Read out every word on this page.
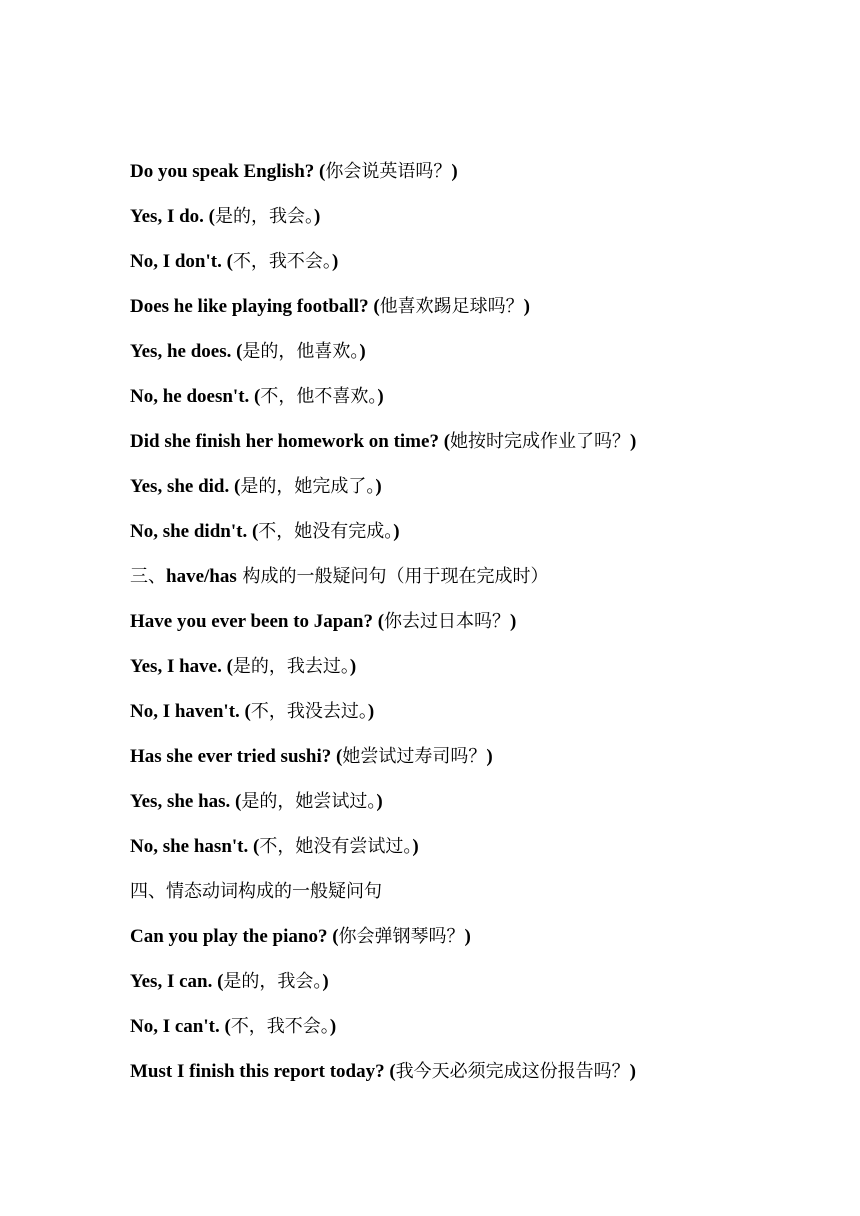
Do you speak English? (你会说英语吗？)
Yes, I do. (是的，我会。)
No, I don't. (不，我不会。)
Does he like playing football? (他喜欢踢足球吗？)
Yes, he does. (是的，他喜欢。)
No, he doesn't. (不，他不喜欢。)
Did she finish her homework on time? (她按时完成作业了吗？)
Yes, she did. (是的，她完成了。)
No, she didn't. (不，她没有完成。)
三、have/has 构成的一般疑问句（用于现在完成时）
Have you ever been to Japan? (你去过日本吗？)
Yes, I have. (是的，我去过。)
No, I haven't. (不，我没去过。)
Has she ever tried sushi? (她尝试过寿司吗？)
Yes, she has. (是的，她尝试过。)
No, she hasn't. (不，她没有尝试过。)
四、情态动词构成的一般疑问句
Can you play the piano? (你会弹钢琴吗？)
Yes, I can. (是的，我会。)
No, I can't. (不，我不会。)
Must I finish this report today? (我今天必须完成这份报告吗？)
